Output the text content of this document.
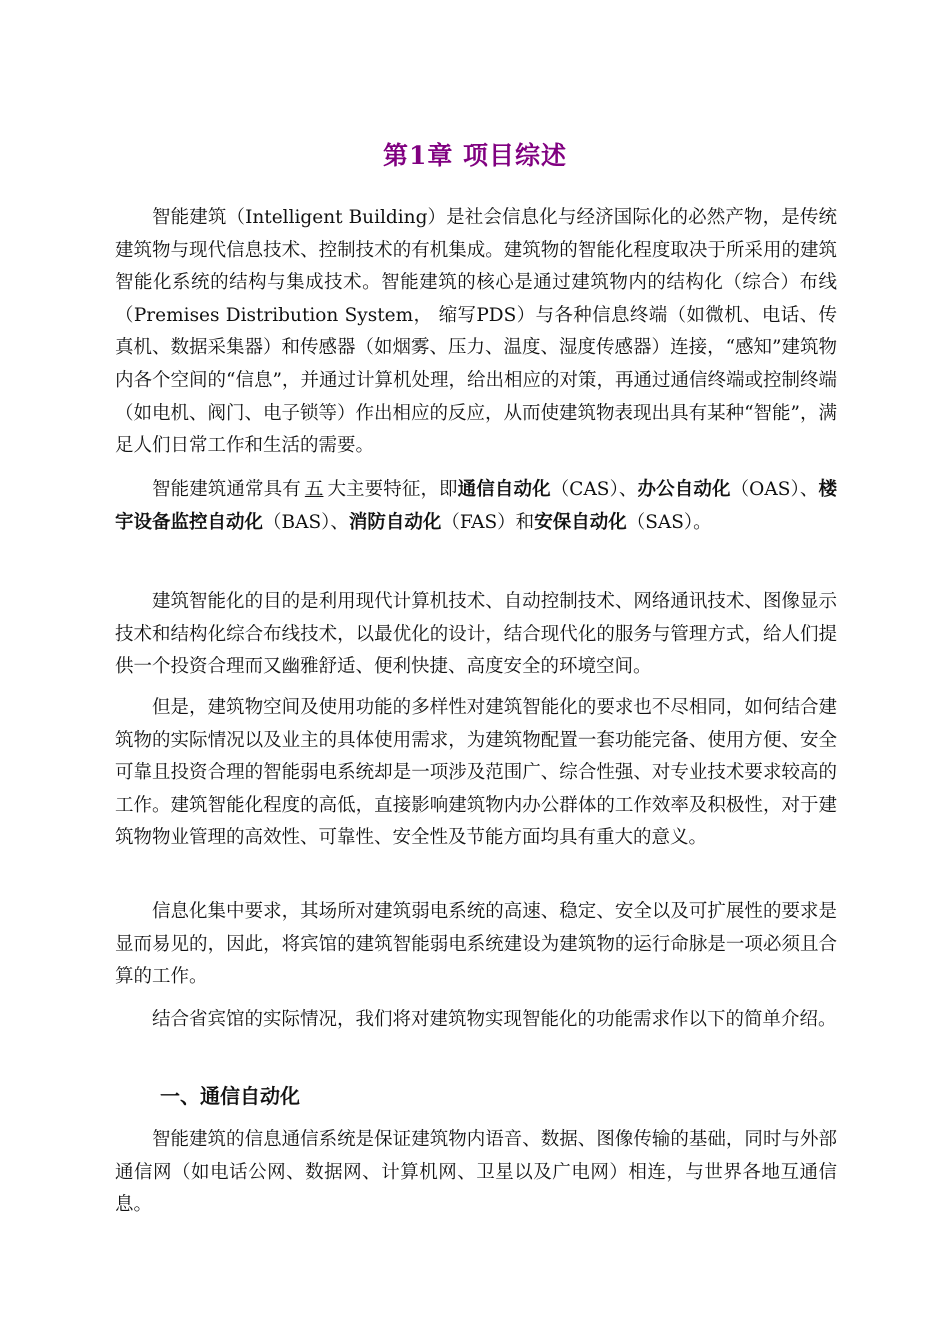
第1章 项目综述

智能建筑（Intelligent Building）是社会信息化与经济国际化的必然产物，是传统建筑物与现代信息技术、控制技术的有机集成。建筑物的智能化程度取决于所采用的建筑智能化系统的结构与集成技术。智能建筑的核心是通过建筑物内的结构化（综合）布线（Premises Distribution System， 缩写PDS）与各种信息终端（如微机、电话、传真机、数据采集器）和传感器（如烟雾、压力、温度、湿度传感器）连接，“感知”建筑物内各个空间的“信息”，并通过计算机处理，给出相应的对策，再通过通信终端或控制终端（如电机、阀门、电子锁等）作出相应的反应，从而使建筑物表现出具有某种“智能”，满足人们日常工作和生活的需要。

智能建筑通常具有 五 大主要特征，即通信自动化（CAS）、办公自动化（OAS）、楼宇设备监控自动化（BAS）、消防自动化（FAS）和安保自动化（SAS）。

建筑智能化的目的是利用现代计算机技术、自动控制技术、网络通讯技术、图像显示技术和结构化综合布线技术，以最优化的设计，结合现代化的服务与管理方式，给人们提供一个投资合理而又幽雅舒适、便利快捷、高度安全的环境空间。

但是，建筑物空间及使用功能的多样性对建筑智能化的要求也不尽相同，如何结合建筑物的实际情况以及业主的具体使用需求，为建筑物配置一套功能完备、使用方便、安全可靠且投资合理的智能弱电系统却是一项涉及范围广、综合性强、对专业技术要求较高的工作。建筑智能化程度的高低，直接影响建筑物内办公群体的工作效率及积极性，对于建筑物物业管理的高效性、可靠性、安全性及节能方面均具有重大的意义。

信息化集中要求，其场所对建筑弱电系统的高速、稳定、安全以及可扩展性的要求是显而易见的，因此，将宾馆的建筑智能弱电系统建设为建筑物的运行命脉是一项必须且合算的工作。

结合省宾馆的实际情况，我们将对建筑物实现智能化的功能需求作以下的简单介绍。

一、通信自动化

智能建筑的信息通信系统是保证建筑物内语音、数据、图像传输的基础，同时与外部通信网（如电话公网、数据网、计算机网、卫星以及广电网）相连，与世界各地互通信息。
